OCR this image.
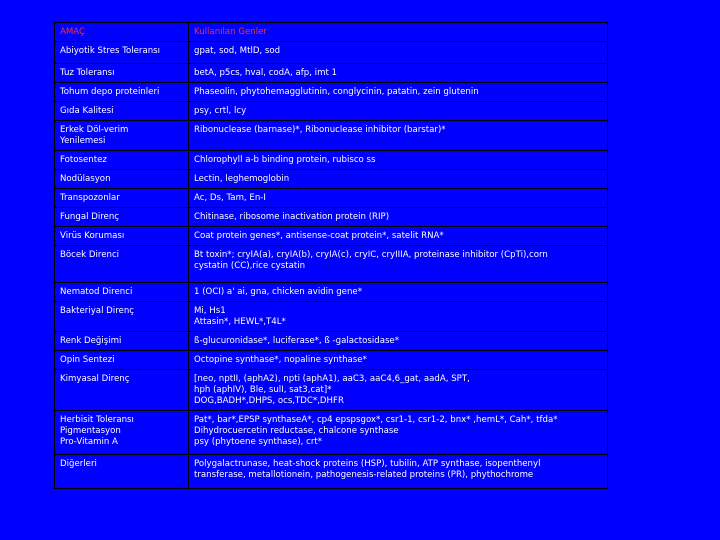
AMAÇ	Kullanılan Genler

Abiyotik Stres Toleransı	gpat, sod, MtlD, sod

Tuz Toleransı	betA, p5cs, hval, codA, afp, imt 1

Tohum depo proteinleri	Phaseolin, phytohemagglutinin, conglycinin, patatin, zein glutenin

Gıda Kalitesi	psy, crtl, lcy

Erkek Döl-verim
Yenilemesi	Ribonuclease (barnase)*, Ribonuclease inhibitor (barstar)*

Fotosentez	Chlorophyll a-b binding protein, rubisco ss

Nodülasyon	Lectin, leghemoglobin

Transpozonlar	Ac, Ds, Tam, En-I

Fungal Direnç	Chitinase, ribosome inactivation protein (RIP)

Virüs Koruması	Coat protein genes*, antisense-coat protein*, satelit RNA*

Böcek Direnci	Bt toxin*; cryIA(a), cryIA(b), cryIA(c), cryIC, cryIIIA, proteinase inhibitor (CpTi),corn
cystatin (CC),rice cystatin

Nematod Direnci	1 (OCI) a' ai, gna, chicken avidin gene*

Bakteriyal Direnç	Mi, Hs1
Attasin*, HEWL*,T4L*

Renk Değişimi	ß-glucuronidase*, luciferase*, ß -galactosidase*

Opin Sentezi	Octopine synthase*, nopaline synthase*

Kimyasal Direnç	[neo, nptII, (aphA2), npti (aphA1), aaC3, aaC4,6_gat, aadA, SPT,
hph (aphIV), Ble, sulI, sat3,cat]*
DOG,BADH*,DHPS, ocs,TDC*,DHFR

Herbisit Toleransı
Pigmentasyon
Pro-Vitamin A	Pat*, bar*,EPSP synthaseA*, cp4 epspsgox*, csr1-1, csr1-2, bnx* ,hemL*, Cah*, tfda*
Dihydrocuercetin reductase, chalcone synthase
psy (phytoene synthase), crt*

Diğerleri	Polygalactrunase, heat-shock proteins (HSP), tubilin, ATP synthase, isopenthenyl
transferase, metallotionein, pathogenesis-related proteins (PR), phythochrome
